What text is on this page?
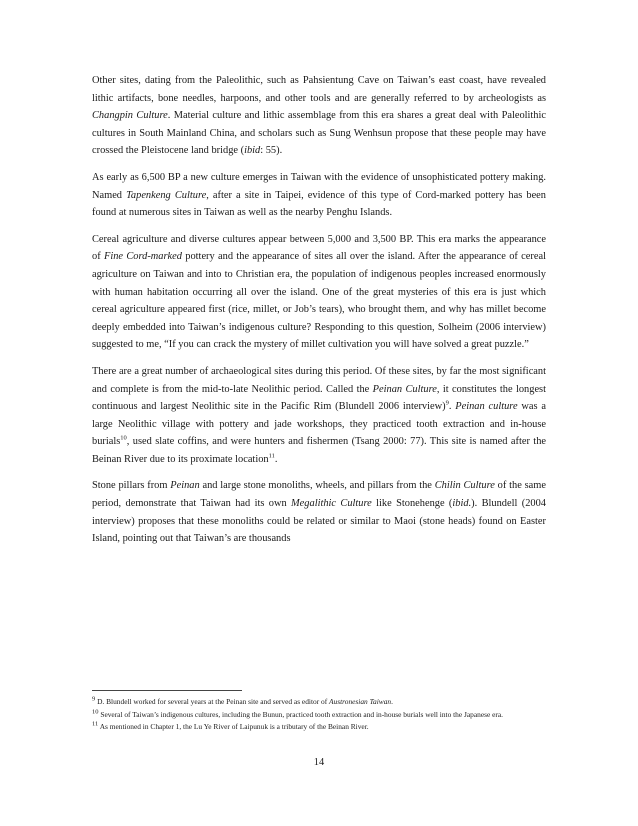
Other sites, dating from the Paleolithic, such as Pahsientung Cave on Taiwan’s east coast, have revealed lithic artifacts, bone needles, harpoons, and other tools and are generally referred to by archeologists as Changpin Culture. Material culture and lithic assemblage from this era shares a great deal with Paleolithic cultures in South Mainland China, and scholars such as Sung Wenhsun propose that these people may have crossed the Pleistocene land bridge (ibid: 55).

As early as 6,500 BP a new culture emerges in Taiwan with the evidence of unsophisticated pottery making. Named Tapenkeng Culture, after a site in Taipei, evidence of this type of Cord-marked pottery has been found at numerous sites in Taiwan as well as the nearby Penghu Islands.

Cereal agriculture and diverse cultures appear between 5,000 and 3,500 BP. This era marks the appearance of Fine Cord-marked pottery and the appearance of sites all over the island. After the appearance of cereal agriculture on Taiwan and into to Christian era, the population of indigenous peoples increased enormously with human habitation occurring all over the island. One of the great mysteries of this era is just which cereal agriculture appeared first (rice, millet, or Job’s tears), who brought them, and why has millet become deeply embedded into Taiwan’s indigenous culture? Responding to this question, Solheim (2006 interview) suggested to me, “If you can crack the mystery of millet cultivation you will have solved a great puzzle.”

There are a great number of archaeological sites during this period. Of these sites, by far the most significant and complete is from the mid-to-late Neolithic period. Called the Peinan Culture, it constitutes the longest continuous and largest Neolithic site in the Pacific Rim (Blundell 2006 interview)$^9$. Peinan culture was a large Neolithic village with pottery and jade workshops, they practiced tooth extraction and in-house burials$^{10}$, used slate coffins, and were hunters and fishermen (Tsang 2000: 77). This site is named after the Beinan River due to its proximate location$^{11}$.

Stone pillars from Peinan and large stone monoliths, wheels, and pillars from the Chilin Culture of the same period, demonstrate that Taiwan had its own Megalithic Culture like Stonehenge (ibid.). Blundell (2004 interview) proposes that these monoliths could be related or similar to Maoi (stone heads) found on Easter Island, pointing out that Taiwan’s are thousands

$^9$ D. Blundell worked for several years at the Peinan site and served as editor of Austronesian Taiwan.

$^{10}$ Several of Taiwan’s indigenous cultures, including the Bunun, practiced tooth extraction and in-house burials well into the Japanese era.

$^{11}$ As mentioned in Chapter 1, the Lu Ye River of Laipunuk is a tributary of the Beinan River.

14
